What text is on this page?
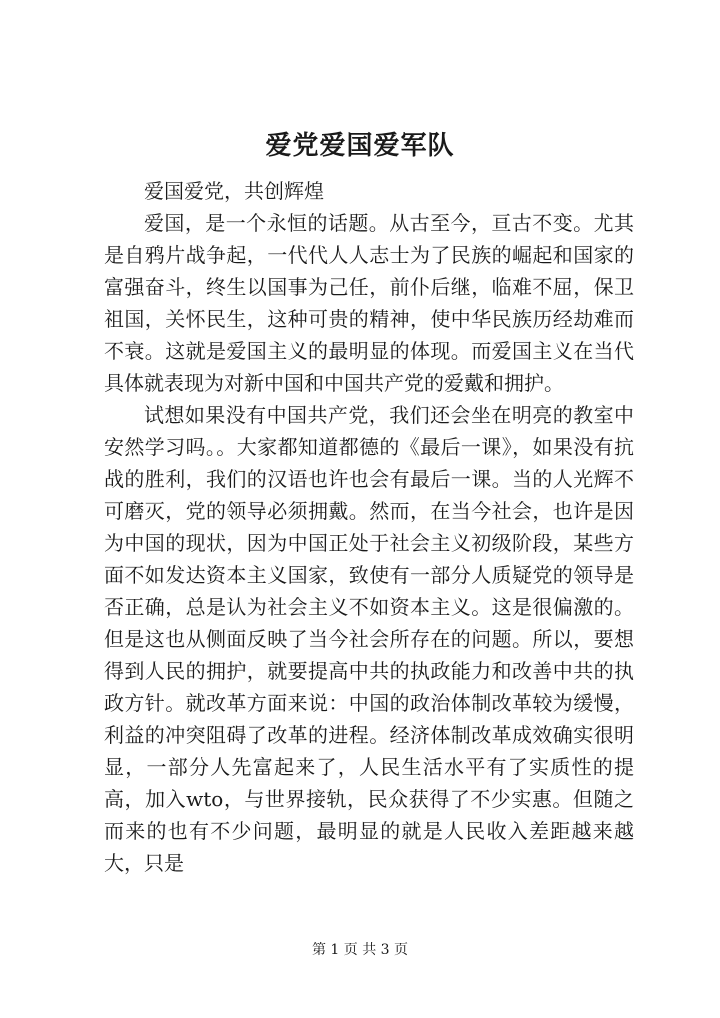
爱党爱国爱军队

爱国爱党，共创辉煌

爱国，是一个永恒的话题。从古至今，亘古不变。尤其是自鸦片战争起，一代代人人志士为了民族的崛起和国家的富强奋斗，终生以国事为己任，前仆后继，临难不屈，保卫祖国，关怀民生，这种可贵的精神，使中华民族历经劫难而不衰。这就是爱国主义的最明显的体现。而爱国主义在当代具体就表现为对新中国和中国共产党的爱戴和拥护。

试想如果没有中国共产党，我们还会坐在明亮的教室中安然学习吗。。大家都知道都德的《最后一课》，如果没有抗战的胜利，我们的汉语也许也会有最后一课。当的人光辉不可磨灭，党的领导必须拥戴。然而，在当今社会，也许是因为中国的现状，因为中国正处于社会主义初级阶段，某些方面不如发达资本主义国家，致使有一部分人质疑党的领导是否正确，总是认为社会主义不如资本主义。这是很偏激的。但是这也从侧面反映了当今社会所存在的问题。所以，要想得到人民的拥护，就要提高中共的执政能力和改善中共的执政方针。就改革方面来说：中国的政治体制改革较为缓慢，利益的冲突阻碍了改革的进程。经济体制改革成效确实很明显，一部分人先富起来了，人民生活水平有了实质性的提高，加入wto，与世界接轨，民众获得了不少实惠。但随之而来的也有不少问题，最明显的就是人民收入差距越来越大，只是

第 1 页 共 3 页
